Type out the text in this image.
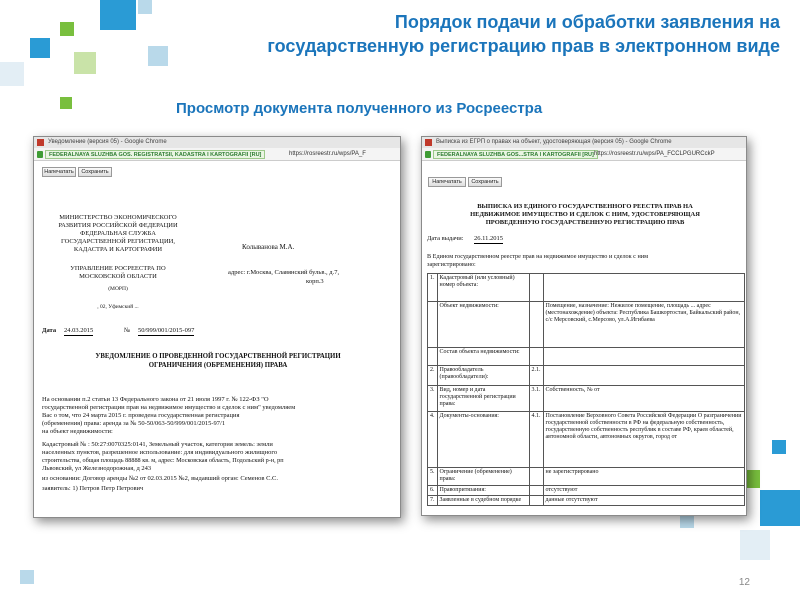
Порядок подачи и обработки заявления на
государственную регистрацию прав в электронном виде
Просмотр документа полученного из Росреестра
Уведомление (версия 05) - Google Chrome
FEDERALNAYA SLUZHBA GOS. REGISTRATSII, KADASTRA I KARTOGRAFII [RU]	https://rosreestr.ru/wps/PA_F
Напечатать	Сохранить
МИНИСТЕРСТВО ЭКОНОМИЧЕСКОГО
РАЗВИТИЯ РОССИЙСКОЙ ФЕДЕРАЦИИ
ФЕДЕРАЛЬНАЯ СЛУЖБА
ГОСУДАРСТВЕННОЙ РЕГИСТРАЦИИ,
КАДАСТРА И КАРТОГРАФИИ
УПРАВЛЕНИЕ РОСРЕЕСТРА ПО
МОСКОВСКОЙ ОБЛАСТИ
(МОРП)
, 02, Уфимский ...
Колыванова М.А.
адрес: г.Москва, Славянский бульв., д.7,
корп.3
Дата 24.03.2015	№ 50/999/001/2015-097
УВЕДОМЛЕНИЕ О ПРОВЕДЕННОЙ ГОСУДАРСТВЕННОЙ РЕГИСТРАЦИИ
ОГРАНИЧЕНИЯ (ОБРЕМЕНЕНИЯ) ПРАВА
На основании п.2 статьи 13 Федерального закона от 21 июля 1997 г. № 122-ФЗ "О
государственной регистрации прав на недвижимое имущество и сделок с ним" уведомляем
Вас о том, что 24 марта 2015 г. проведена государственная регистрация
(обременения) права: аренда за № 50-50/063-50/999/001/2015-97/1
на объект недвижимости:
Кадастровый № : 50:27:0070325:0141, Земельный участок, категория земель: земли
населенных пунктов, разрешенное использование: для индивидуального жилищного
строительства, общая площадь 88888 кв. м, адрес: Московская область, Подольский р-н, рп
Львовский, ул Железнодорожная, д 243
из основании: Договор аренды №2 от 02.03.2015 №2, выдавший орган: Семенов С.С.
заявитель: 1) Петров Петр Петрович
Выписка из ЕГРП о правах на объект, удостоверяющая (версия 05) - Google Chrome
FEDERALNAYA SLUZHBA GOS...STRA I KARTOGRAFII [RU] https://rosreestr.ru/wps/PA_FCCLPGURCckP
Напечатать	Сохранить
ВЫПИСКА ИЗ ЕДИНОГО ГОСУДАРСТВЕННОГО РЕЕСТРА ПРАВ НА
НЕДВИЖИМОЕ ИМУЩЕСТВО И СДЕЛОК С НИМ, УДОСТОВЕРЯЮЩАЯ
ПРОВЕДЕННУЮ ГОСУДАРСТВЕННУЮ РЕГИСТРАЦИЮ ПРАВ
Дата выдачи: 26.11.2015
В Едином государственном реестре прав на недвижимое имущество и сделок с ним
зарегистрировано:
1.	Кадастровый (или условный) номер объекта:		
	Объект недвижимости:		Помещение, назначение: Нежилое помещение, площадь ... адрес (местонахождение) объекта: Республика Башкортостан, Байкальский район, с/с Мерсовский, с.Мерсово, ул.А.Игибаева
	Состав объекта недвижимости:		
2.	Правообладатель (правообладатели):	2.1.	
3.	Вид, номер и дата государственной регистрации права:	3.1.	Собственность, № от
4.	Документы-основания:	4.1.	Постановление Верховного Совета Российской Федерации О разграничении государственной собственности в РФ на федеральную собственность, государственную собственность республик в составе РФ, краев областей, автономной области, автономных округов, город от
5.	Ограничение (обременение) права:		не зарегистрировано
6.	Правопритязания:		отсутствуют
7.	Заявленные в судебном порядке		данные отсутствуют
12
